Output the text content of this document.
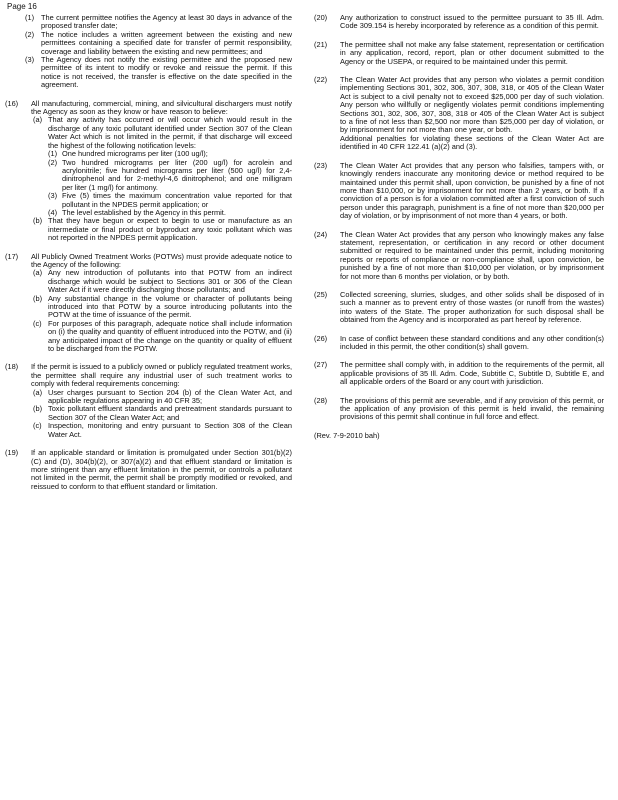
Page 16
(1) The current permittee notifies the Agency at least 30 days in advance of the proposed transfer date;
(2) The notice includes a written agreement between the existing and new permittees containing a specified date for transfer of permit responsibility, coverage and liability between the existing and new permittees; and
(3) The Agency does not notify the existing permittee and the proposed new permittee of its intent to modify or revoke and reissue the permit. If this notice is not received, the transfer is effective on the date specified in the agreement.
(16) All manufacturing, commercial, mining, and silvicultural dischargers must notify the Agency as soon as they know or have reason to believe:

(a) That any activity has occurred or will occur which would result in the discharge of any toxic pollutant identified under Section 307 of the Clean Water Act which is not limited in the permit, if that discharge will exceed the highest of the following notification levels:
(1) One hundred micrograms per liter (100 ug/l);
(2) Two hundred micrograms per liter (200 ug/l) for acrolein and acrylonitrile; five hundred micrograms per liter (500 ug/l) for 2,4-dinitrophenol and for 2-methyl-4,6 dinitrophenol; and one milligram per liter (1 mg/l) for antimony.
(3) Five (5) times the maximum concentration value reported for that pollutant in the NPDES permit application; or
(4) The level established by the Agency in this permit.
(b) That they have begun or expect to begin to use or manufacture as an intermediate or final product or byproduct any toxic pollutant which was not reported in the NPDES permit application.
(17) All Publicly Owned Treatment Works (POTWs) must provide adequate notice to the Agency of the following:

(a) Any new introduction of pollutants into that POTW from an indirect discharge which would be subject to Sections 301 or 306 of the Clean Water Act if it were directly discharging those pollutants; and
(b) Any substantial change in the volume or character of pollutants being introduced into that POTW by a source introducing pollutants into the POTW at the time of issuance of the permit.
(c) For purposes of this paragraph, adequate notice shall include information on (i) the quality and quantity of effluent introduced into the POTW, and (ii) any anticipated impact of the change on the quantity or quality of effluent to be discharged from the POTW.
(18) If the permit is issued to a publicly owned or publicly regulated treatment works, the permittee shall require any industrial user of such treatment works to comply with federal requirements concerning:

(a) User charges pursuant to Section 204 (b) of the Clean Water Act, and applicable regulations appearing in 40 CFR 35;
(b) Toxic pollutant effluent standards and pretreatment standards pursuant to Section 307 of the Clean Water Act; and
(c) Inspection, monitoring and entry pursuant to Section 308 of the Clean Water Act.
(19) If an applicable standard or limitation is promulgated under Section 301(b)(2)(C) and (D), 304(b)(2), or 307(a)(2) and that effluent standard or limitation is more stringent than any effluent limitation in the permit, or controls a pollutant not limited in the permit, the permit shall be promptly modified or revoked, and reissued to conform to that effluent standard or limitation.

(20) Any authorization to construct issued to the permittee pursuant to 35 Ill. Adm. Code 309.154 is hereby incorporated by reference as a condition of this permit.

(21) The permittee shall not make any false statement, representation or certification in any application, record, report, plan or other document submitted to the Agency or the USEPA, or required to be maintained under this permit.

(22) The Clean Water Act provides that any person who violates a permit condition implementing Sections 301, 302, 306, 307, 308, 318, or 405 of the Clean Water Act is subject to a civil penalty not to exceed $25,000 per day of such violation. Any person who willfully or negligently violates permit conditions implementing Sections 301, 302, 306, 307, 308, 318 or 405 of the Clean Water Act is subject to a fine of not less than $2,500 nor more than $25,000 per day of violation, or by imprisonment for not more than one year, or both.

Additional penalties for violating these sections of the Clean Water Act are identified in 40 CFR 122.41 (a)(2) and (3).

(23) The Clean Water Act provides that any person who falsifies, tampers with, or knowingly renders inaccurate any monitoring device or method required to be maintained under this permit shall, upon conviction, be punished by a fine of not more than $10,000, or by imprisonment for not more than 2 years, or both. If a conviction of a person is for a violation committed after a first conviction of such person under this paragraph, punishment is a fine of not more than $20,000 per day of violation, or by imprisonment of not more than 4 years, or both.

(24) The Clean Water Act provides that any person who knowingly makes any false statement, representation, or certification in any record or other document submitted or required to be maintained under this permit, including monitoring reports or reports of compliance or non-compliance shall, upon conviction, be punished by a fine of not more than $10,000 per violation, or by imprisonment for not more than 6 months per violation, or by both.

(25) Collected screening, slurries, sludges, and other solids shall be disposed of in such a manner as to prevent entry of those wastes (or runoff from the wastes) into waters of the State. The proper authorization for such disposal shall be obtained from the Agency and is incorporated as part hereof by reference.

(26) In case of conflict between these standard conditions and any other condition(s) included in this permit, the other condition(s) shall govern.

(27) The permittee shall comply with, in addition to the requirements of the permit, all applicable provisions of 35 Ill. Adm. Code, Subtitle C, Subtitle D, Subtitle E, and all applicable orders of the Board or any court with jurisdiction.

(28) The provisions of this permit are severable, and if any provision of this permit, or the application of any provision of this permit is held invalid, the remaining provisions of this permit shall continue in full force and effect.

(Rev. 7-9-2010 bah)
